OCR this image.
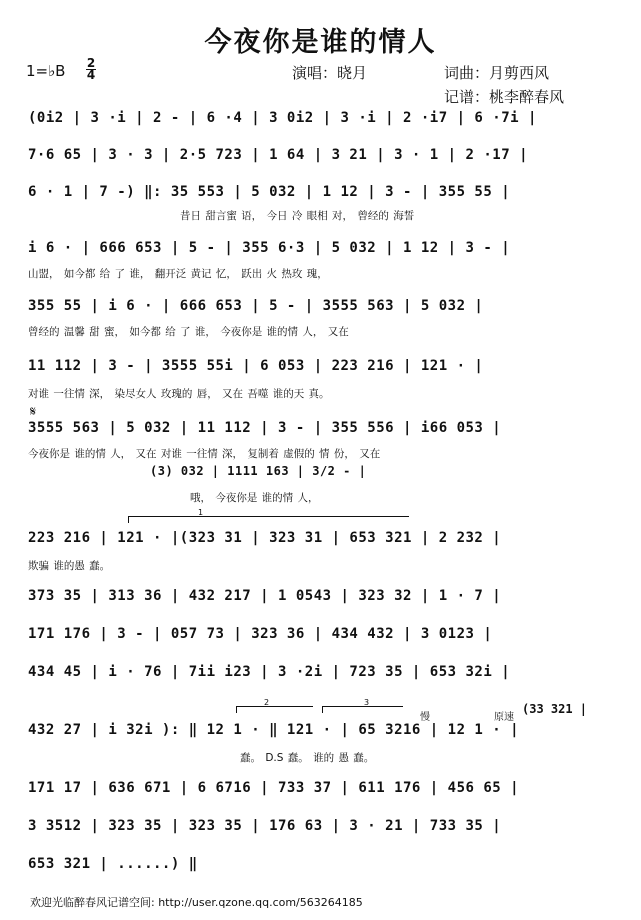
今夜你是谁的情人
1=♭B 2
4	演唱：晓月	词曲：月剪西风
记谱：桃李醉春风
(0i2 | 3 ·i | 2 - | 6 ·4 | 3 0i2 | 3 ·i | 2 ·i7 | 6 ·7i |
7·6 65 | 3 · 3 | 2·5 723 | 1 64 | 3 21 | 3 · 1 | 2 ·17 |
6 · 1 | 7 -) ‖: 35 553 | 5 032 | 1 12 | 3 - | 355 55 |
昔日 甜言蜜 语， 今日 冷 眼相 对， 曾经的 海誓
i 6 · | 666 653 | 5 - | 355 6·3 | 5 032 | 1 12 | 3 - |
山盟， 如今都 给 了 谁， 翻开泛 黄记 忆， 跃出 火 热玫 瑰，
355 55 | i 6 · | 666 653 | 5 - | 3555 563 | 5 032 |
曾经的 温馨 甜 蜜， 如今都 给 了 谁， 今夜你是 谁的情 人， 又在
11 112 | 3 - | 3555 55i | 6 053 | 223 216 | 121 · |
对谁 一往情 深， 染尽女人 玫瑰的 唇， 又在 吾噬 谁的天 真。
𝄋
3555 563 | 5 032 | 11 112 | 3 - | 355 556 | i66 053 |
今夜你是 谁的情 人， 又在 对谁 一往情 深， 复制着 虚假的 情 份， 又在
(3) 032 | 1111 163 | 3/2 - |
哦， 今夜你是 谁的情 人，
1
223 216 | 121 · |(323 31 | 323 31 | 653 321 | 2 232 |
欺骗 谁的愚 蠢。
373 35 | 313 36 | 432 217 | 1 0543 | 323 32 | 1 · 7 |
171 176 | 3 - | 057 73 | 323 36 | 434 432 | 3 0123 |
434 45 | i · 76 | 7ii i23 | 3 ·2i | 723 35 | 653 32i |
2	3
慢	原速
(33 321 |
432 27 | i 32i ): ‖ 12 1 · ‖ 121 · | 65 3216 | 12 1 · |
蠢。 D.S 蠢。 谁的 愚 蠢。
171 17 | 636 671 | 6 6716 | 733 37 | 611 176 | 456 65 |
3 3512 | 323 35 | 323 35 | 176 63 | 3 · 21 | 733 35 |
653 321 | ......) ‖
欢迎光临醉春风记谱空间: http://user.qzone.qq.com/563264185
